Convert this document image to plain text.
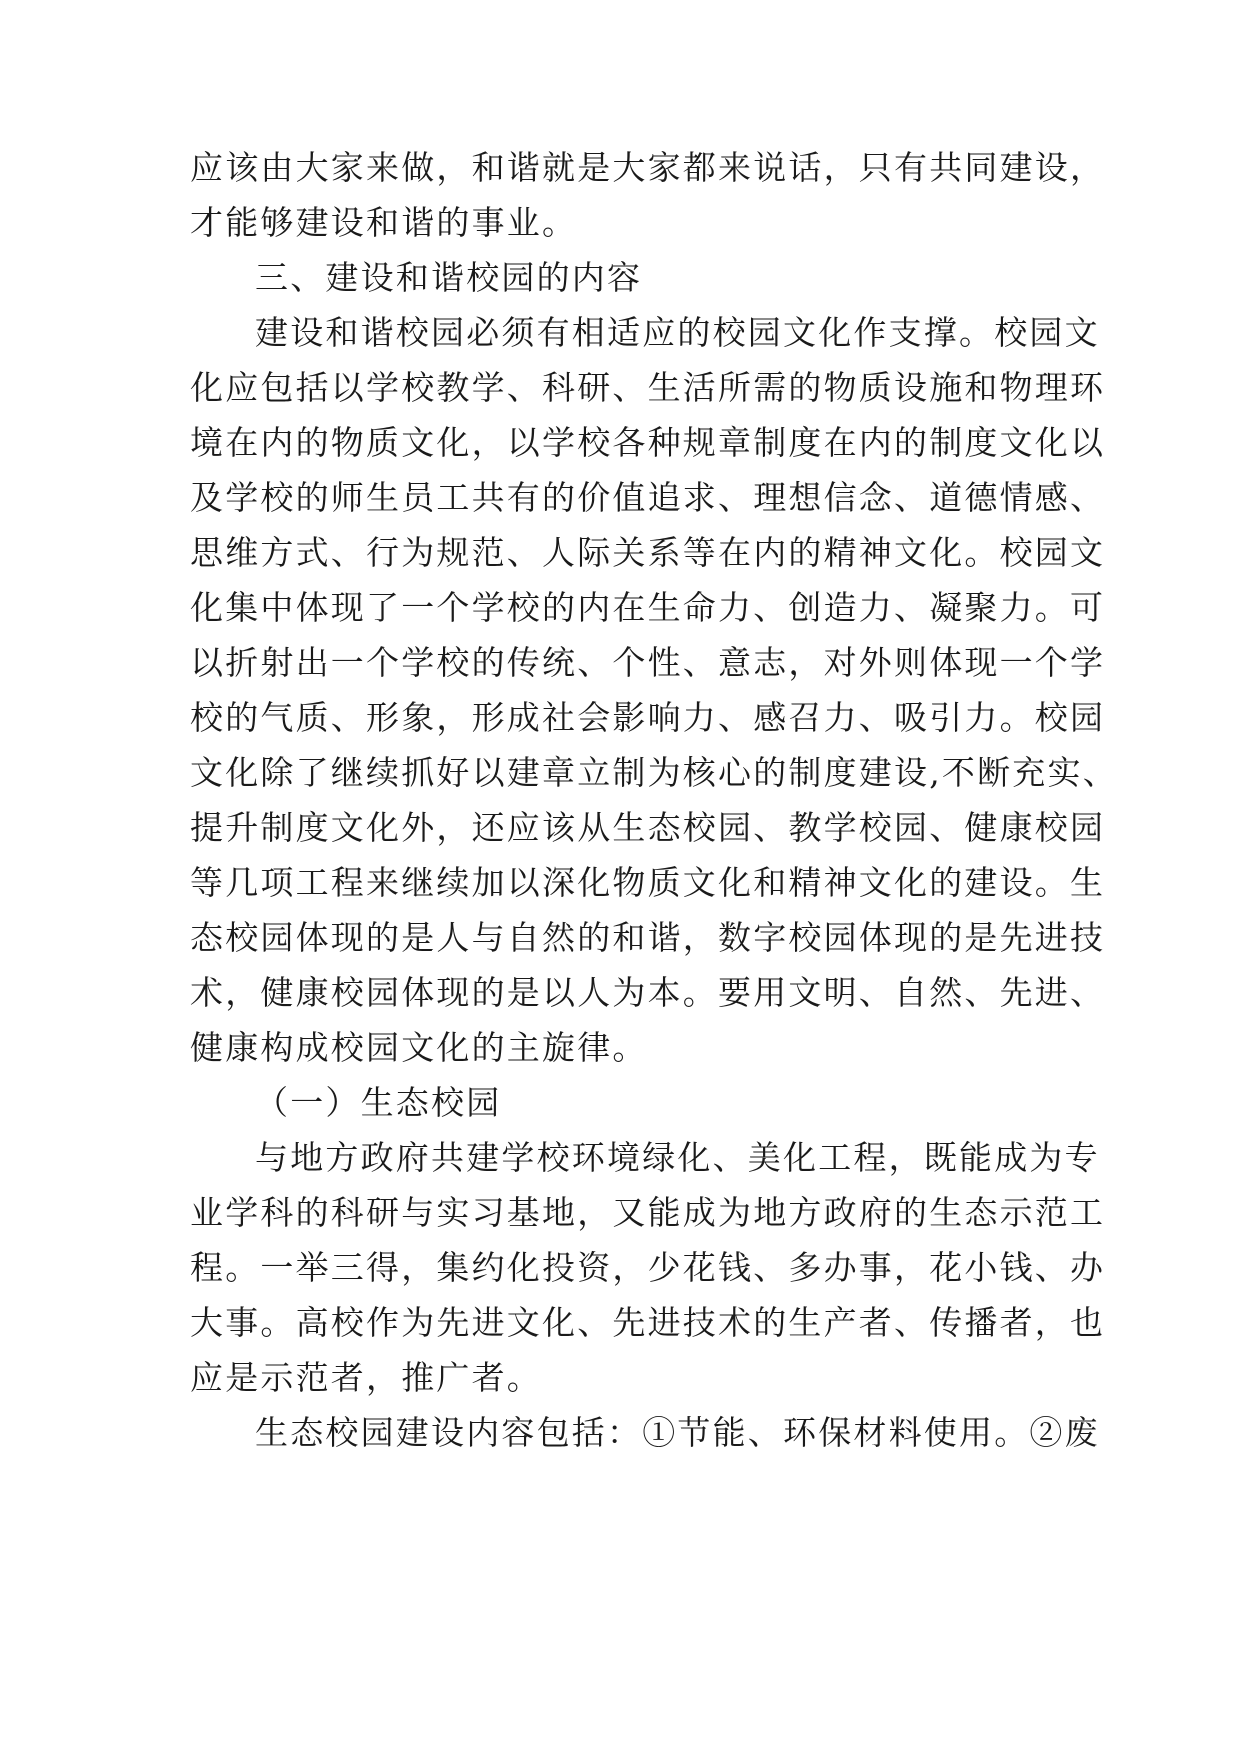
应该由大家来做，和谐就是大家都来说话，只有共同建设，
才能够建设和谐的事业。
三、建设和谐校园的内容
建设和谐校园必须有相适应的校园文化作支撑。校园文
化应包括以学校教学、科研、生活所需的物质设施和物理环
境在内的物质文化，以学校各种规章制度在内的制度文化以
及学校的师生员工共有的价值追求、理想信念、道德情感、
思维方式、行为规范、人际关系等在内的精神文化。校园文
化集中体现了一个学校的内在生命力、创造力、凝聚力。可
以折射出一个学校的传统、个性、意志，对外则体现一个学
校的气质、形象，形成社会影响力、感召力、吸引力。校园
文化除了继续抓好以建章立制为核心的制度建设,不断充实、
提升制度文化外，还应该从生态校园、教学校园、健康校园
等几项工程来继续加以深化物质文化和精神文化的建设。生
态校园体现的是人与自然的和谐，数字校园体现的是先进技
术，健康校园体现的是以人为本。要用文明、自然、先进、
健康构成校园文化的主旋律。
（一）生态校园
与地方政府共建学校环境绿化、美化工程，既能成为专
业学科的科研与实习基地，又能成为地方政府的生态示范工
程。一举三得，集约化投资，少花钱、多办事，花小钱、办
大事。高校作为先进文化、先进技术的生产者、传播者，也
应是示范者，推广者。
生态校园建设内容包括：①节能、环保材料使用。②废
